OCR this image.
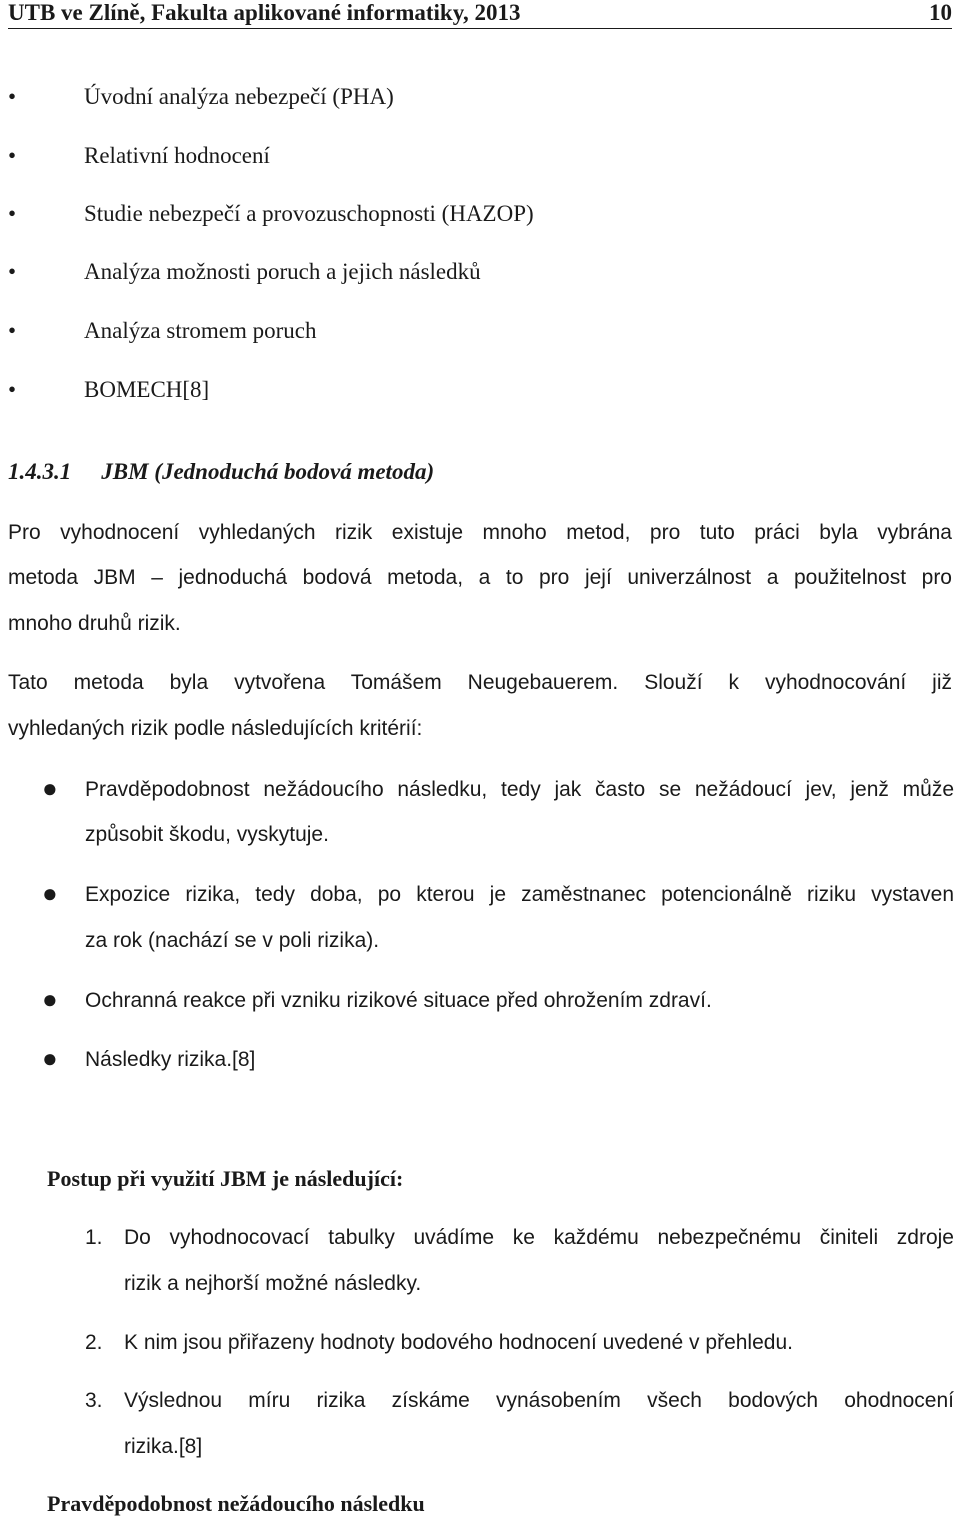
UTB ve Zlíně, Fakulta aplikované informatiky, 2013	10
•	Úvodní analýza nebezpečí (PHA)
•	Relativní hodnocení
•	Studie nebezpečí a provozuschopnosti (HAZOP)
•	Analýza možnosti poruch a jejich následků
•	Analýza stromem poruch
•	BOMECH[8]
1.4.3.1 JBM (Jednoduchá bodová metoda)
Pro vyhodnocení vyhledaných rizik existuje mnoho metod, pro tuto práci byla vybrána
metoda JBM – jednoduchá bodová metoda, a to pro její univerzálnost a použitelnost pro
mnoho druhů rizik.
Tato metoda byla vytvořena Tomášem Neugebauerem. Slouží k vyhodnocování již
vyhledaných rizik podle následujících kritérií:
● Pravděpodobnost nežádoucího následku, tedy jak často se nežádoucí jev, jenž může
způsobit škodu, vyskytuje.
● Expozice rizika, tedy doba, po kterou je zaměstnanec potencionálně riziku vystaven
za rok (nachází se v poli rizika).
● Ochranná reakce při vzniku rizikové situace před ohrožením zdraví.
● Následky rizika.[8]
Postup při využití JBM je následující:
1. Do vyhodnocovací tabulky uvádíme ke každému nebezpečnému činiteli zdroje
rizik a nejhorší možné následky.
2. K nim jsou přiřazeny hodnoty bodového hodnocení uvedené v přehledu.
3. Výslednou míru rizika získáme vynásobením všech bodových ohodnocení
rizika.[8]
Pravděpodobnost nežádoucího následku
